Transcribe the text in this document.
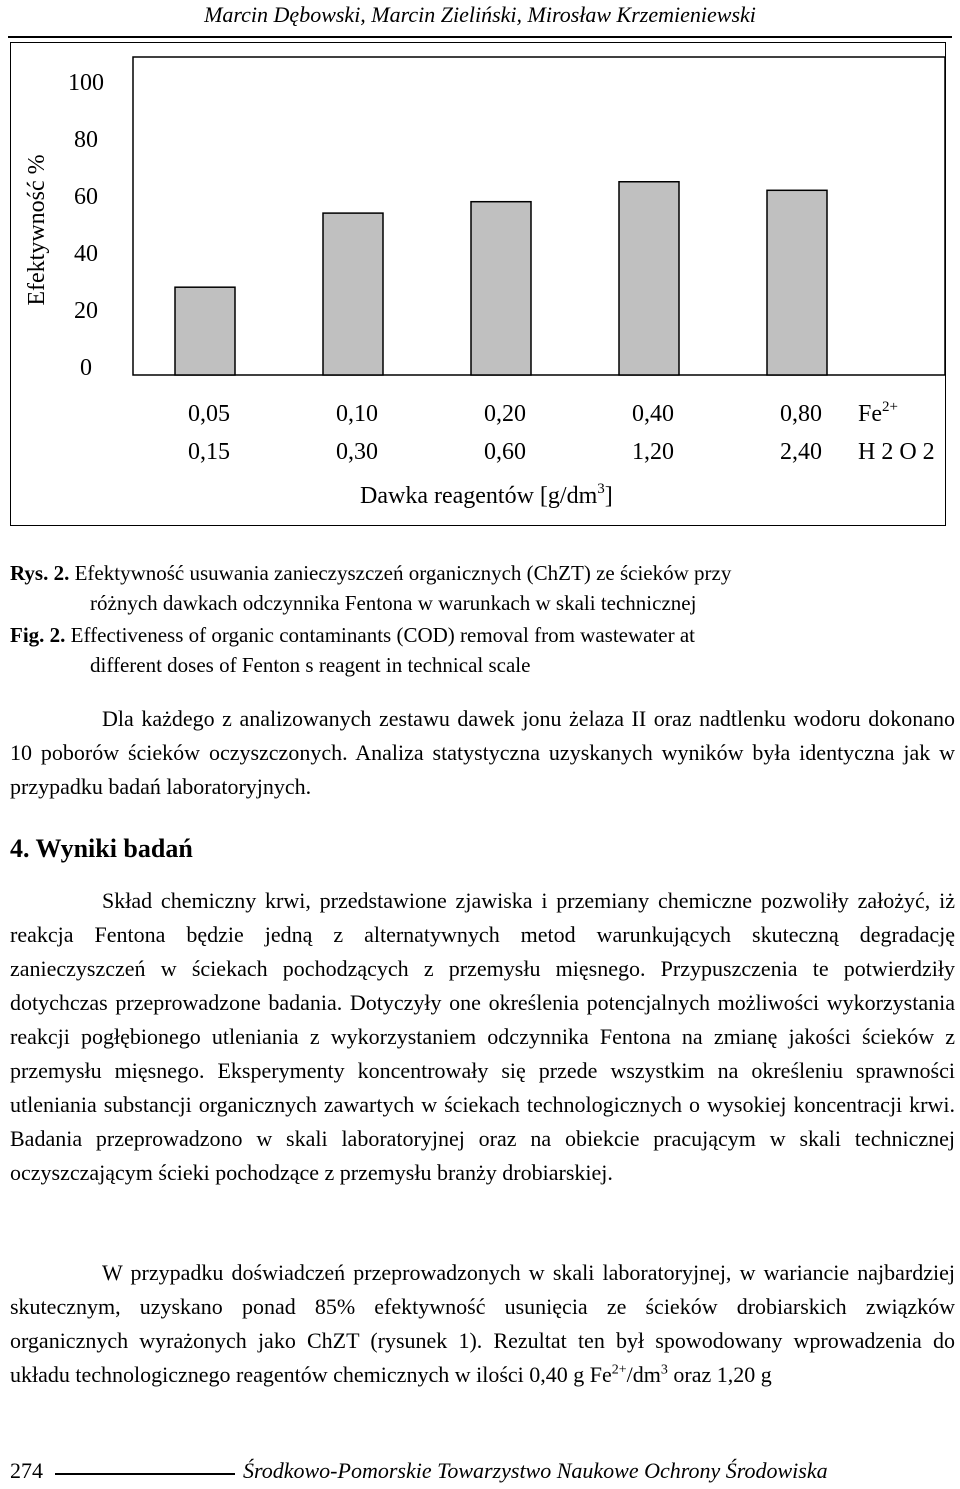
Marcin Dębowski, Marcin Zieliński, Mirosław Krzemieniewski
Efektywność %
0
20
40
60
80
100
0,05
0,15
0,10
0,30
0,20
0,60
0,40
1,20
0,80
2,40
$Fe^{2+}$
H 2 O 2
Dawka reagentów $[g/dm^3]$
Rys. 2. Efektywność usuwania zanieczyszczeń organicznych (ChZT) ze ścieków przy
różnych dawkach odczynnika Fentona w warunkach w skali technicznej
Fig. 2. Effectiveness of organic contaminants (COD) removal from wastewater at
different doses of Fenton s reagent in technical scale
Dla każdego z analizowanych zestawu dawek jonu żelaza II oraz nadtlenku wodoru dokonano 10 poborów ścieków oczyszczonych. Analiza statystyczna uzyskanych wyników była identyczna jak w przypadku badań laboratoryjnych.
4. Wyniki badań
Skład chemiczny krwi, przedstawione zjawiska i przemiany chemiczne pozwoliły założyć, iż reakcja Fentona będzie jedną z alternatywnych metod warunkujących skuteczną degradację zanieczyszczeń w ściekach pochodzących z przemysłu mięsnego. Przypuszczenia te potwierdziły dotychczas przeprowadzone badania. Dotyczyły one określenia potencjalnych możliwości wykorzystania reakcji pogłębionego utleniania z wykorzystaniem odczynnika Fentona na zmianę jakości ścieków z przemysłu mięsnego. Eksperymenty koncentrowały się przede wszystkim na określeniu sprawności utleniania substancji organicznych zawartych w ściekach technologicznych o wysokiej koncentracji krwi. Badania przeprowadzono w skali laboratoryjnej oraz na obiekcie pracującym w skali technicznej oczyszczającym ścieki pochodzące z przemysłu branży drobiarskiej.
W przypadku doświadczeń przeprowadzonych w skali laboratoryjnej, w wariancie najbardziej skutecznym, uzyskano ponad 85% efektywność usunięcia ze ścieków drobiarskich związków organicznych wyrażonych jako ChZT (rysunek 1). Rezultat ten był spowodowany wprowadzenia do układu technologicznego reagentów chemicznych w ilości 0,40 g $Fe^{2+}/dm^3$ oraz 1,20 g
274	Środkowo-Pomorskie Towarzystwo Naukowe Ochrony Środowiska
